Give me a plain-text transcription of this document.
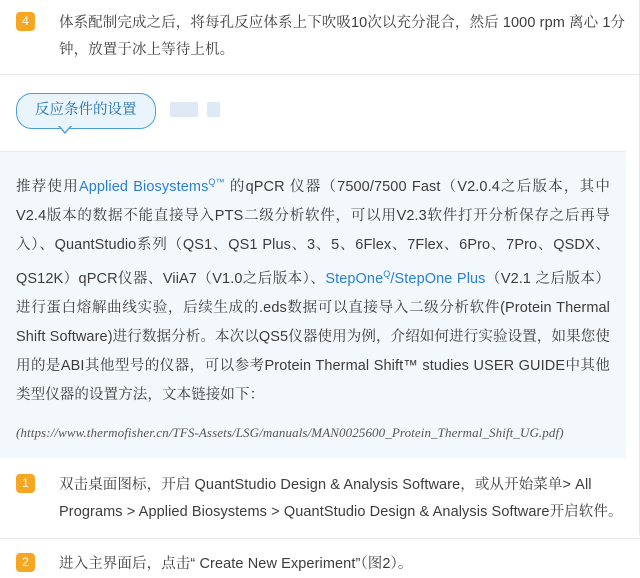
4	体系配制完成之后，将每孔反应体系上下吹吸10次以充分混合，然后 1000 rpm 离心 1分钟，放置于冰上等待上机。
反应条件的设置
推荐使用Applied Biosystems$^{Q™}$ 的qPCR 仪器（7500/7500 Fast（V2.0.4之后版本，其中V2.4版本的数据不能直接导入PTS二级分析软件，可以用V2.3软件打开分析保存之后再导入）、QuantStudio系列（QS1、QS1 Plus、3、5、6Flex、7Flex、6Pro、7Pro、QSDX、QS12K）qPCR仪器、ViiA7（V1.0之后版本）、StepOne$^Q$/StepOne Plus（V2.1 之后版本）进行蛋白熔解曲线实验，后续生成的.eds数据可以直接导入二级分析软件(Protein Thermal Shift Software)进行数据分析。本次以QS5仪器使用为例，介绍如何进行实验设置，如果您使用的是ABI其他型号的仪器，可以参考Protein Thermal Shift™ studies USER GUIDE中其他类型仪器的设置方法，文本链接如下：
(https://www.thermofisher.cn/TFS-Assets/LSG/manuals/MAN0025600_Protein_Thermal_Shift_UG.pdf)
1	双击桌面图标，开启 QuantStudio Design & Analysis Software，或从开始菜单> All Programs > Applied Biosystems > QuantStudio Design & Analysis Software开启软件。
2	进入主界面后，点击“ Create New Experiment”（图2）。
